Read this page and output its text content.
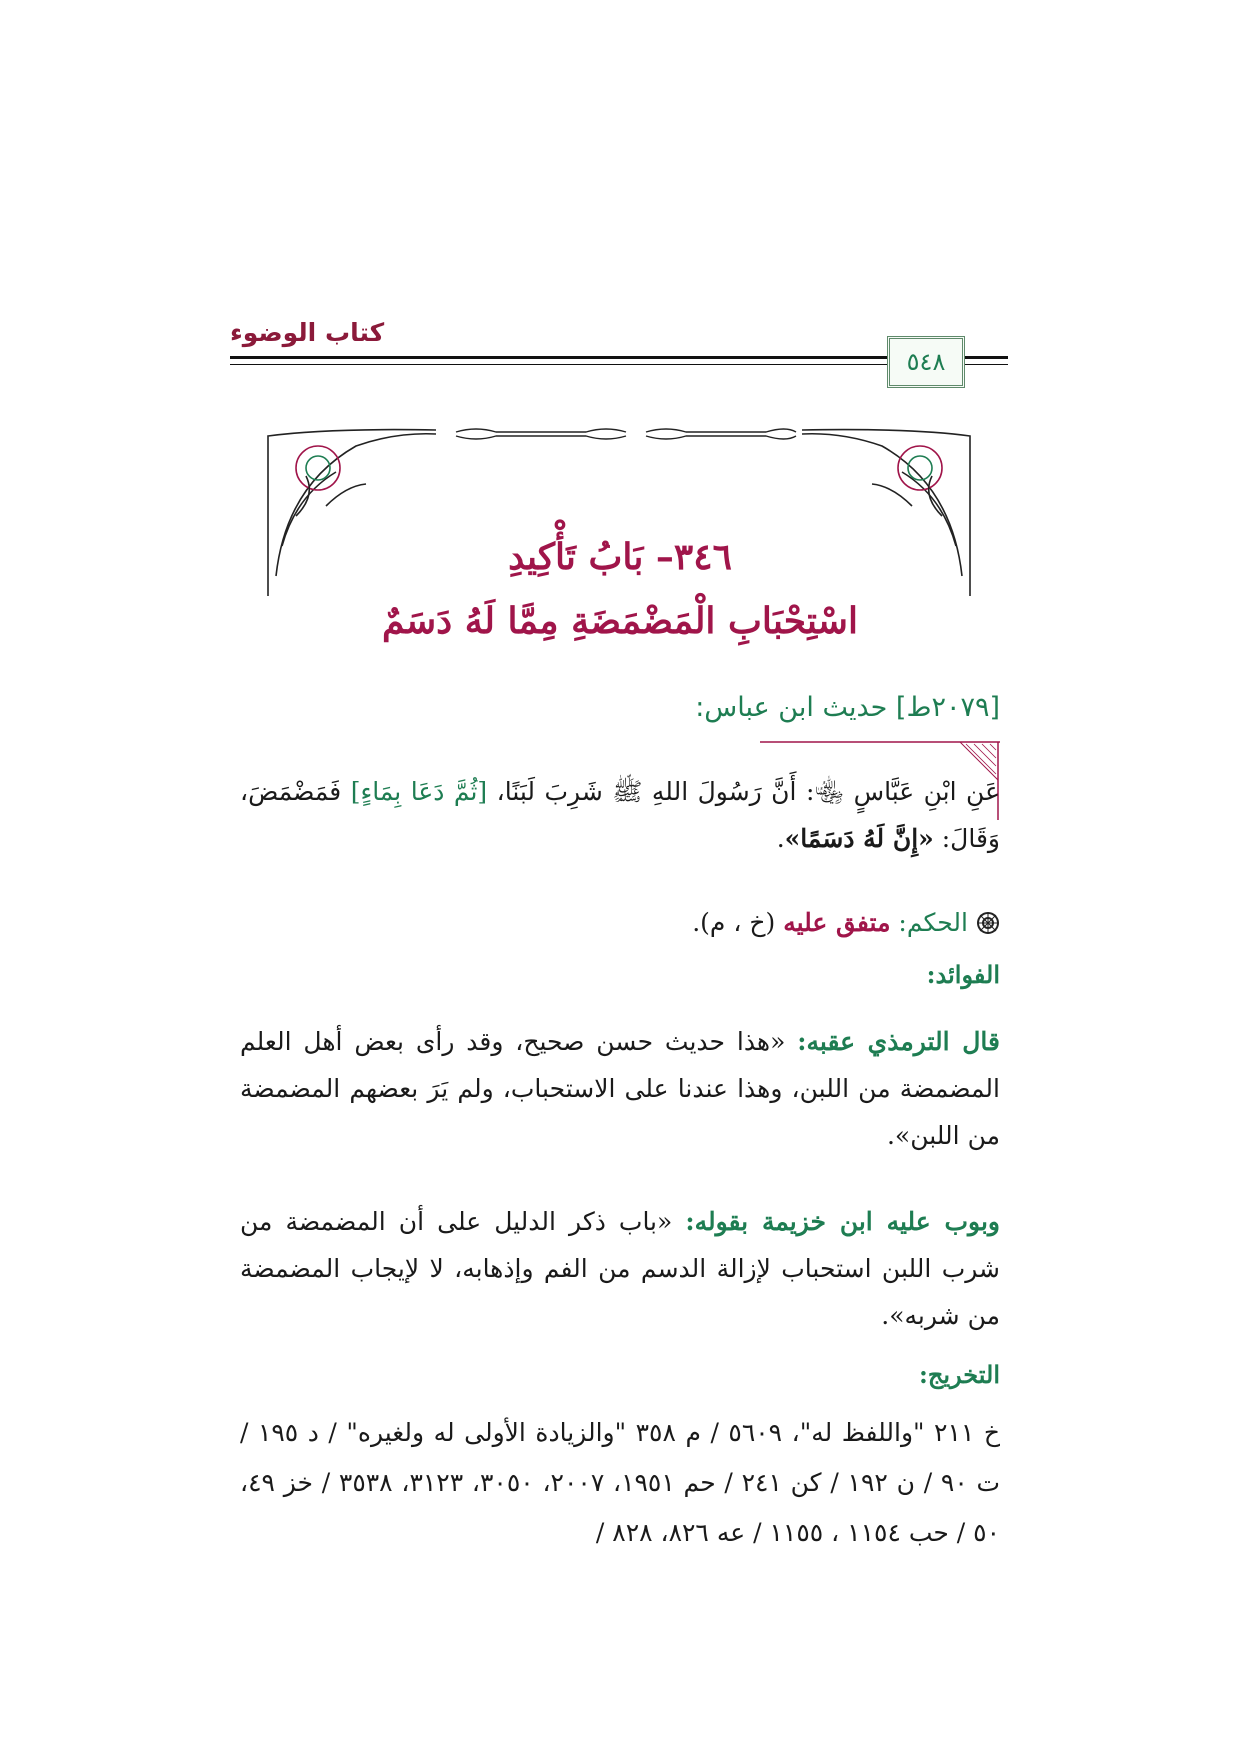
كتاب الوضوء
٥٤٨
٣٤٦– بَابُ تَأْكِيدِ
اسْتِحْبَابِ الْمَضْمَضَةِ مِمَّا لَهُ دَسَمٌ
[٢٠٧٩ط] حديث ابن عباس:

عَنِ ابْنِ عَبَّاسٍ ﵄: أَنَّ رَسُولَ اللهِ ﷺ شَرِبَ لَبَنًا، [ثُمَّ دَعَا بِمَاءٍ] فَمَضْمَضَ، وَقَالَ: «إِنَّ لَهُ دَسَمًا».

الحكم: متفق عليه (خ ، م).
الفوائد:

قال الترمذي عقبه: «هذا حديث حسن صحيح، وقد رأى بعض أهل العلم المضمضة من اللبن، وهذا عندنا على الاستحباب، ولم يَرَ بعضهم المضمضة من اللبن».

وبوب عليه ابن خزيمة بقوله: «باب ذكر الدليل على أن المضمضة من شرب اللبن استحباب لإزالة الدسم من الفم وإذهابه، لا لإيجاب المضمضة من شربه».

التخريج:

خ ٢١١ "واللفظ له"، ٥٦٠٩ / م ٣٥٨ "والزيادة الأولى له ولغيره" / د ١٩٥ / ت ٩٠ / ن ١٩٢ / كن ٢٤١ / حم ١٩٥١، ٢٠٠٧، ٣٠٥٠، ٣١٢٣، ٣٥٣٨ / خز ٤٩، ٥٠ / حب ١١٥٤ ، ١١٥٥ / عه ٨٢٦، ٨٢٨ /
